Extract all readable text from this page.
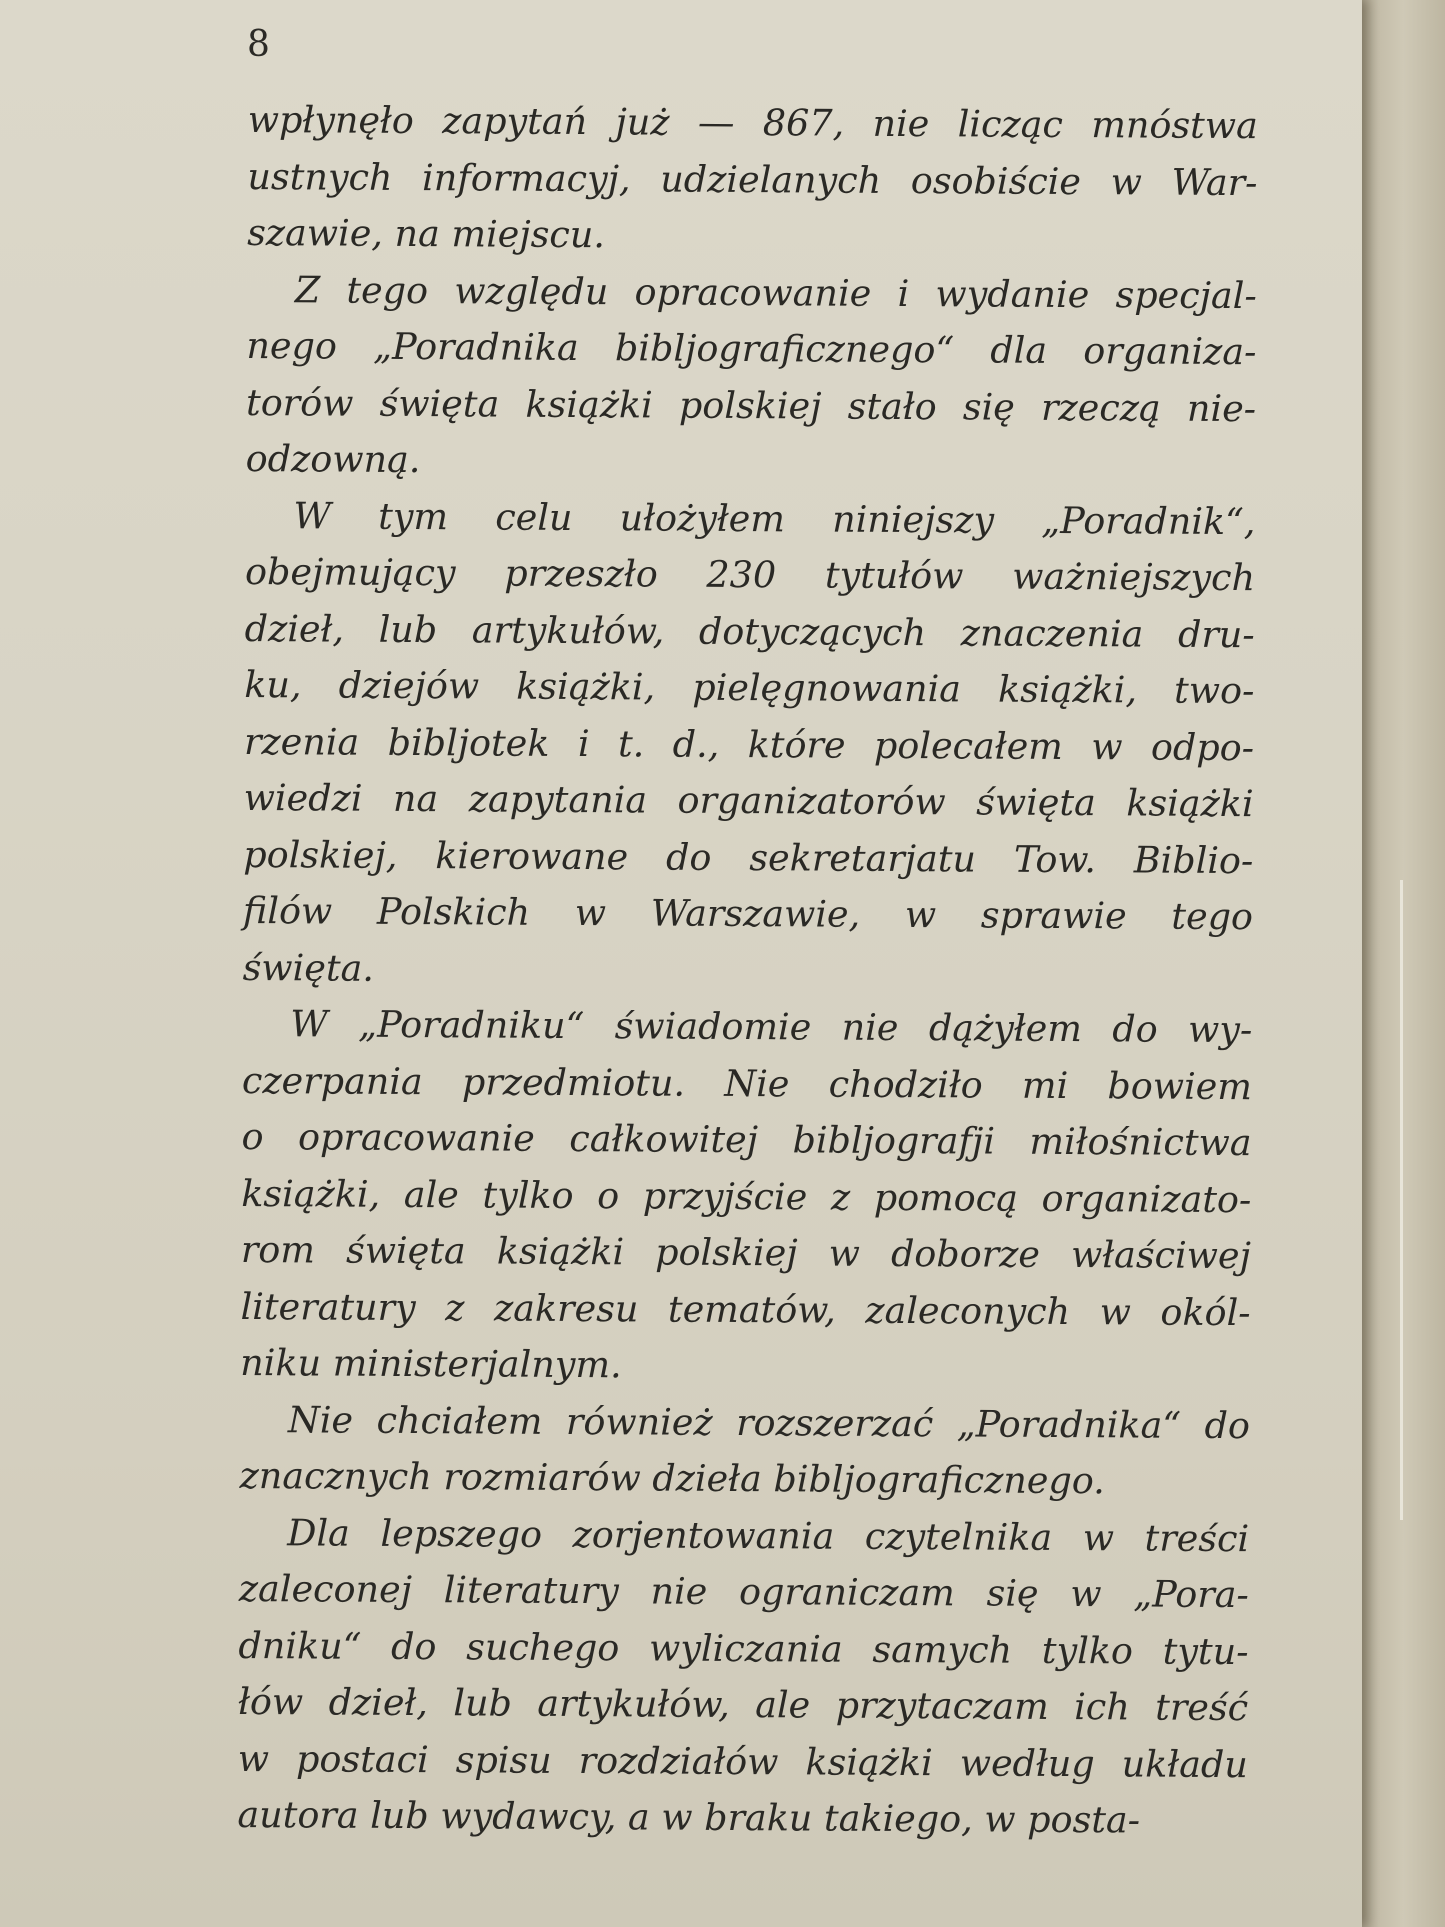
8
wpłynęło zapytań już — 867, nie licząc mnóstwa
ustnych informacyj, udzielanych osobiście w War-
szawie, na miejscu.
Z tego względu opracowanie i wydanie specjal-
nego „Poradnika bibljograficznego“ dla organiza-
torów święta książki polskiej stało się rzeczą nie-
odzowną.
W tym celu ułożyłem niniejszy „Poradnik“,
obejmujący przeszło 230 tytułów ważniejszych
dzieł, lub artykułów, dotyczących znaczenia dru-
ku, dziejów książki, pielęgnowania książki, two-
rzenia bibljotek i t. d., które polecałem w odpo-
wiedzi na zapytania organizatorów święta książki
polskiej, kierowane do sekretarjatu Tow. Biblio-
filów Polskich w Warszawie, w sprawie tego
święta.
W „Poradniku“ świadomie nie dążyłem do wy-
czerpania przedmiotu. Nie chodziło mi bowiem
o opracowanie całkowitej bibljografji miłośnictwa
książki, ale tylko o przyjście z pomocą organizato-
rom święta książki polskiej w doborze właściwej
literatury z zakresu tematów, zaleconych w okól-
niku ministerjalnym.
Nie chciałem również rozszerzać „Poradnika“ do
znacznych rozmiarów dzieła bibljograficznego.
Dla lepszego zorjentowania czytelnika w treści
zaleconej literatury nie ograniczam się w „Pora-
dniku“ do suchego wyliczania samych tylko tytu-
łów dzieł, lub artykułów, ale przytaczam ich treść
w postaci spisu rozdziałów książki według układu
autora lub wydawcy, a w braku takiego, w posta-
